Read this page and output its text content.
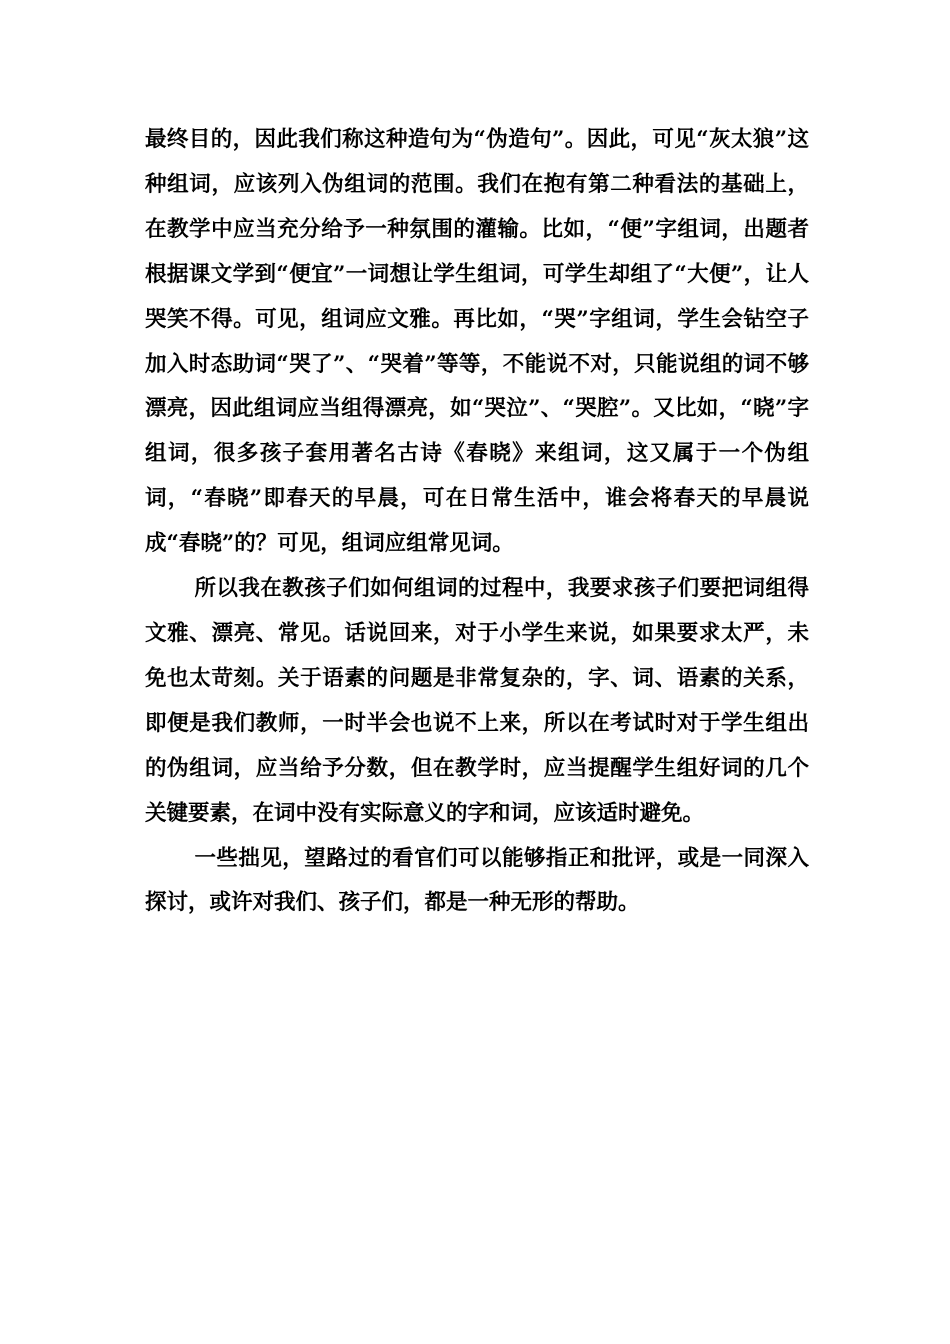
最终目的，因此我们称这种造句为“伪造句”。因此，可见“灰太狼”这种组词，应该列入伪组词的范围。我们在抱有第二种看法的基础上，在教学中应当充分给予一种氛围的灌输。比如，“便”字组词，出题者根据课文学到“便宜”一词想让学生组词，可学生却组了“大便”，让人哭笑不得。可见，组词应文雅。再比如，“哭”字组词，学生会钻空子加入时态助词“哭了”、“哭着”等等，不能说不对，只能说组的词不够漂亮，因此组词应当组得漂亮，如“哭泣”、“哭腔”。又比如，“晓”字组词，很多孩子套用著名古诗《春晓》来组词，这又属于一个伪组词，“春晓”即春天的早晨，可在日常生活中，谁会将春天的早晨说成“春晓”的？可见，组词应组常见词。

所以我在教孩子们如何组词的过程中，我要求孩子们要把词组得文雅、漂亮、常见。话说回来，对于小学生来说，如果要求太严，未免也太苛刻。关于语素的问题是非常复杂的，字、词、语素的关系，即便是我们教师，一时半会也说不上来，所以在考试时对于学生组出的伪组词，应当给予分数，但在教学时，应当提醒学生组好词的几个关键要素，在词中没有实际意义的字和词，应该适时避免。

一些拙见，望路过的看官们可以能够指正和批评，或是一同深入探讨，或许对我们、孩子们，都是一种无形的帮助。
